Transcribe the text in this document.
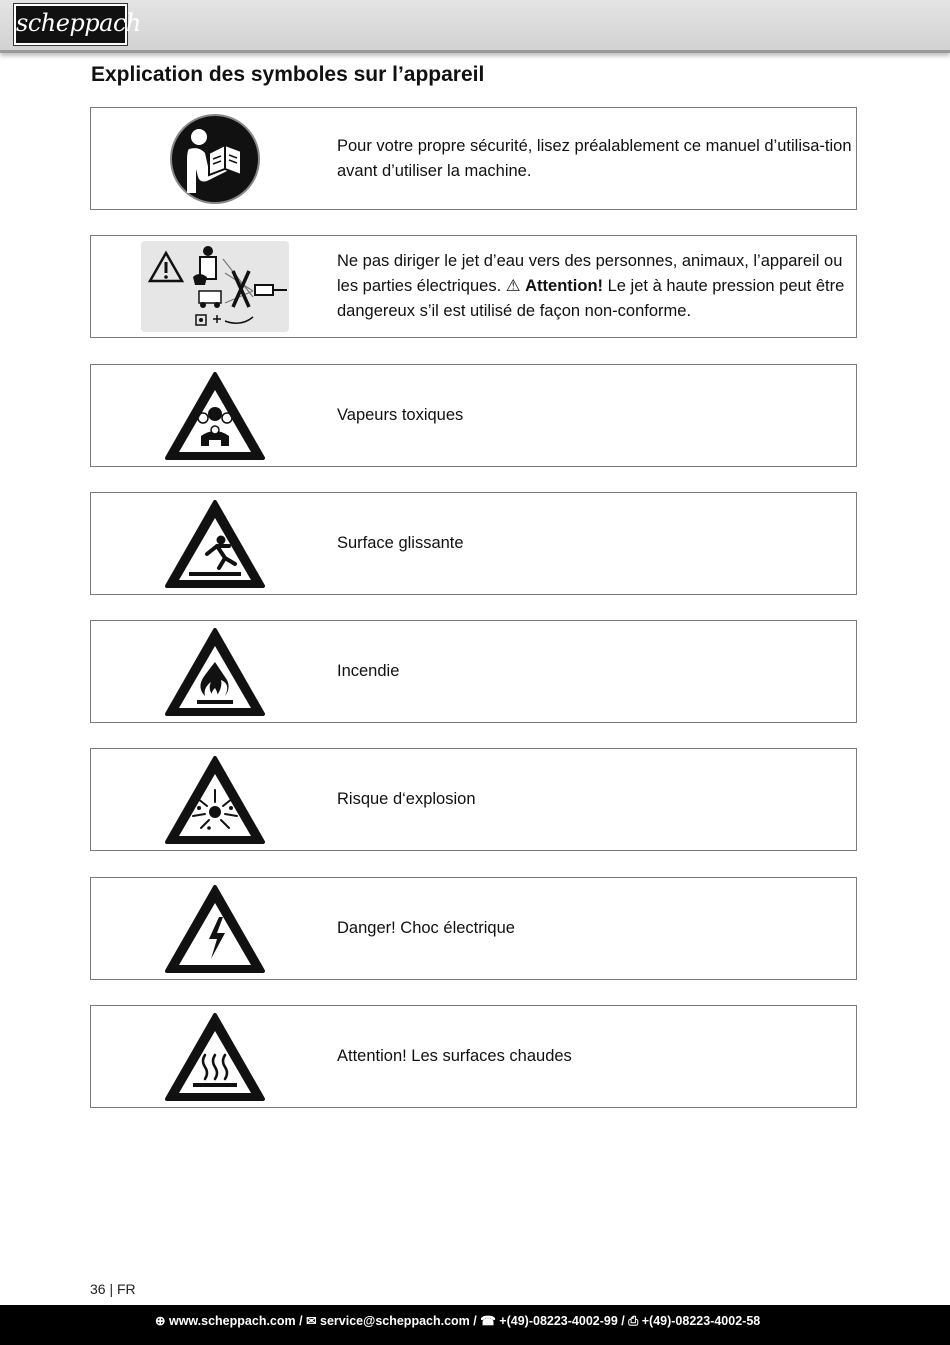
scheppach
Explication des symboles sur l’appareil

Pour votre propre sécurité, lisez préalablement ce manuel d’utilisa-tion avant d’utiliser la machine.

Ne pas diriger le jet d’eau vers des personnes, animaux, l’appareil ou les parties électriques. ⚠ Attention! Le jet à haute pression peut être dangereux s’il est utilisé de façon non-conforme.

Vapeurs toxiques

Surface glissante

Incendie

Risque d‘explosion

Danger! Choc électrique

Attention! Les surfaces chaudes

36 | FR
⊕ www.scheppach.com / ✉ service@scheppach.com / ☎ +(49)-08223-4002-99 / ⎙ +(49)-08223-4002-58
